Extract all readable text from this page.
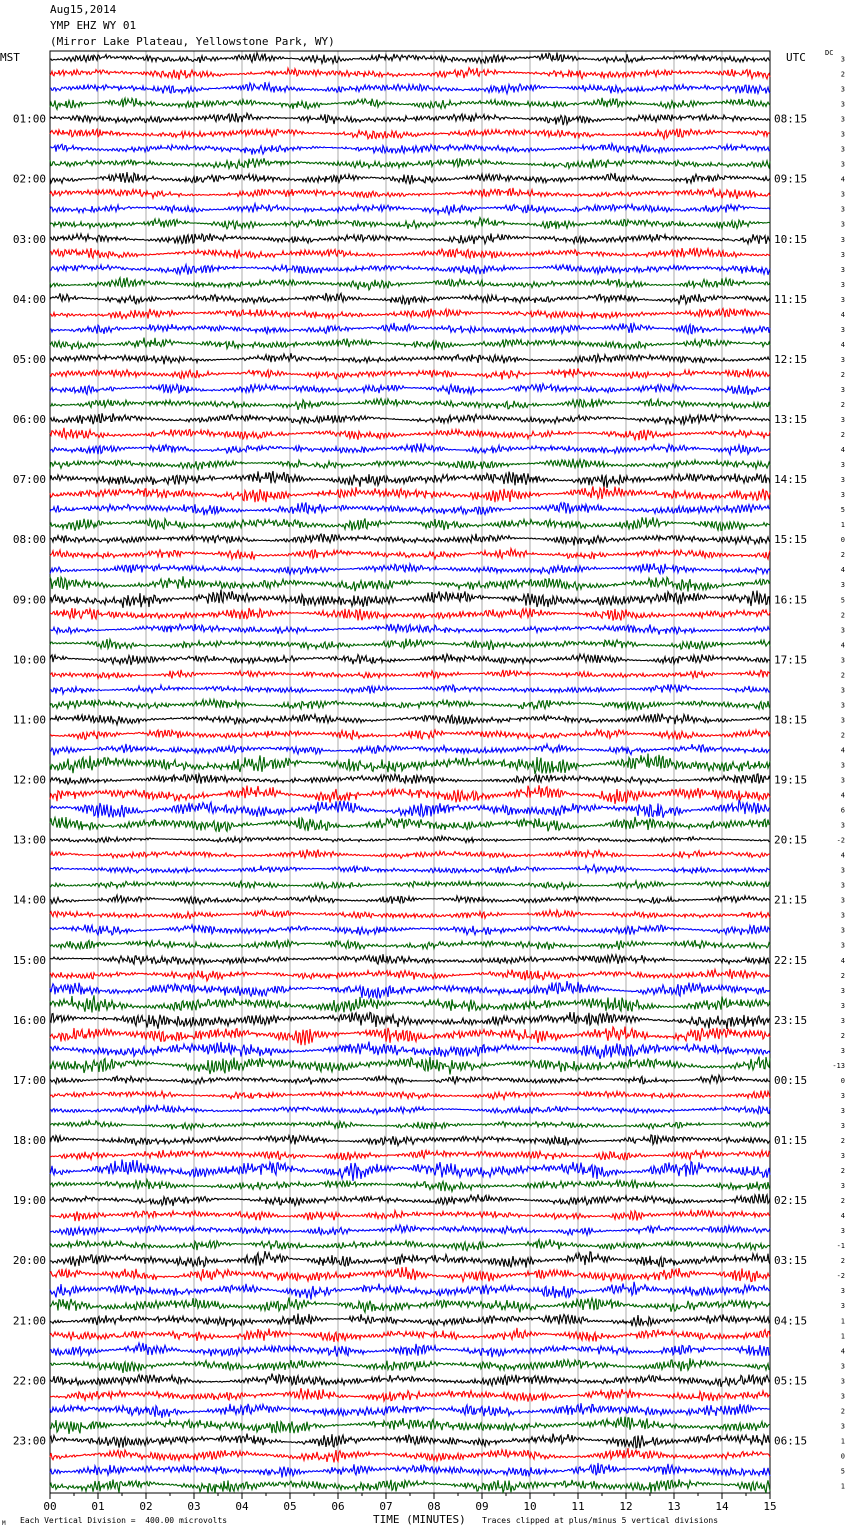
Aug15,2014
YMP EHZ WY 01
(Mirror Lake Plateau, Yellowstone Park, WY)
MST	UTC	DC
01:00
02:00
03:00
04:00
05:00
06:00
07:00
08:00
09:00
10:00
11:00
12:00
13:00
14:00
15:00
16:00
17:00
18:00
19:00
20:00
21:00
22:00
23:00
08:15
09:15
10:15
11:15
12:15
13:15
14:15
15:15
16:15
17:15
18:15
19:15
20:15
21:15
22:15
23:15
00:15
01:15
02:15
03:15
04:15
05:15
06:15
3
2
3
3
3
3
3
3
4
3
3
3
3
3
3
3
3
4
3
4
3
2
3
2
3
2
4
3
3
3
5
1
0
2
4
3
5
2
3
4
3
2
3
3
3
2
4
3
3
4
6
3
-2
4
3
3
3
3
3
3
4
2
3
3
3
2
3
-13
0
3
3
3
2
3
2
3
2
4
3
-1
2
-2
3
3
1
1
4
3
3
3
2
3
1
0
5
1
00	01	02	03	04	05	06	07	08	09	10	11	12	13	14	15
M Each Vertical Division =  400.00 microvolts	TIME (MINUTES) Traces clipped at plus/minus 5 vertical divisions
